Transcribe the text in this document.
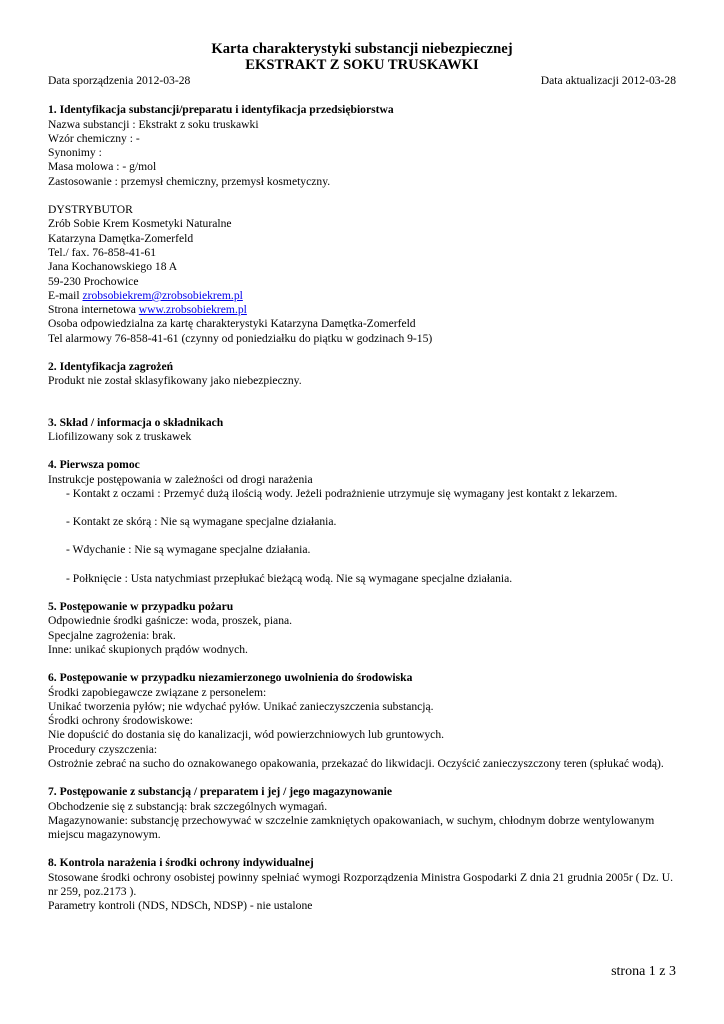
Karta charakterystyki substancji niebezpiecznej
EKSTRAKT Z SOKU TRUSKAWKI
Data sporządzenia 2012-03-28	Data aktualizacji 2012-03-28
1. Identyfikacja substancji/preparatu i identyfikacja przedsiębiorstwa
Nazwa substancji : Ekstrakt z soku truskawki
Wzór chemiczny : -
Synonimy :
Masa molowa : - g/mol
Zastosowanie : przemysł chemiczny, przemysł kosmetyczny.
DYSTRYBUTOR
Zrób Sobie Krem Kosmetyki Naturalne
Katarzyna Damętka-Zomerfeld
Tel./ fax. 76-858-41-61
Jana Kochanowskiego 18 A
59-230 Prochowice
E-mail zrobsobiekrem@zrobsobiekrem.pl
Strona internetowa www.zrobsobiekrem.pl
Osoba odpowiedzialna za kartę charakterystyki Katarzyna Damętka-Zomerfeld
Tel alarmowy 76-858-41-61 (czynny od poniedziałku do piątku w godzinach 9-15)
2. Identyfikacja zagrożeń
Produkt nie został sklasyfikowany jako niebezpieczny.
3. Skład / informacja o składnikach
Liofilizowany sok z truskawek
4. Pierwsza pomoc
Instrukcje postępowania w zależności od drogi narażenia
- Kontakt z oczami : Przemyć dużą ilością wody. Jeżeli podrażnienie utrzymuje się wymagany jest kontakt z lekarzem.
- Kontakt ze skórą : Nie są wymagane specjalne działania.
- Wdychanie : Nie są wymagane specjalne działania.
- Połknięcie : Usta natychmiast przepłukać bieżącą wodą. Nie są wymagane specjalne działania.
5. Postępowanie w przypadku pożaru
Odpowiednie środki gaśnicze: woda, proszek, piana.
Specjalne zagrożenia: brak.
Inne: unikać skupionych prądów wodnych.
6. Postępowanie w przypadku niezamierzonego uwolnienia do środowiska
Środki zapobiegawcze związane z personelem:
Unikać tworzenia pyłów; nie wdychać pyłów. Unikać zanieczyszczenia substancją.
Środki ochrony środowiskowe:
Nie dopuścić do dostania się do kanalizacji, wód powierzchniowych lub gruntowych.
Procedury czyszczenia:
Ostrożnie zebrać na sucho do oznakowanego opakowania, przekazać do likwidacji. Oczyścić zanieczyszczony teren (spłukać wodą).
7. Postępowanie z substancją / preparatem i jej / jego magazynowanie
Obchodzenie się z substancją: brak szczególnych wymagań.
Magazynowanie: substancję przechowywać w szczelnie zamkniętych opakowaniach, w suchym, chłodnym dobrze wentylowanym miejscu magazynowym.
8. Kontrola narażenia i środki ochrony indywidualnej
Stosowane środki ochrony osobistej powinny spełniać wymogi Rozporządzenia Ministra Gospodarki Z dnia 21 grudnia 2005r ( Dz. U. nr 259, poz.2173 ).
Parametry kontroli (NDS, NDSCh, NDSP) - nie ustalone
strona 1 z 3
